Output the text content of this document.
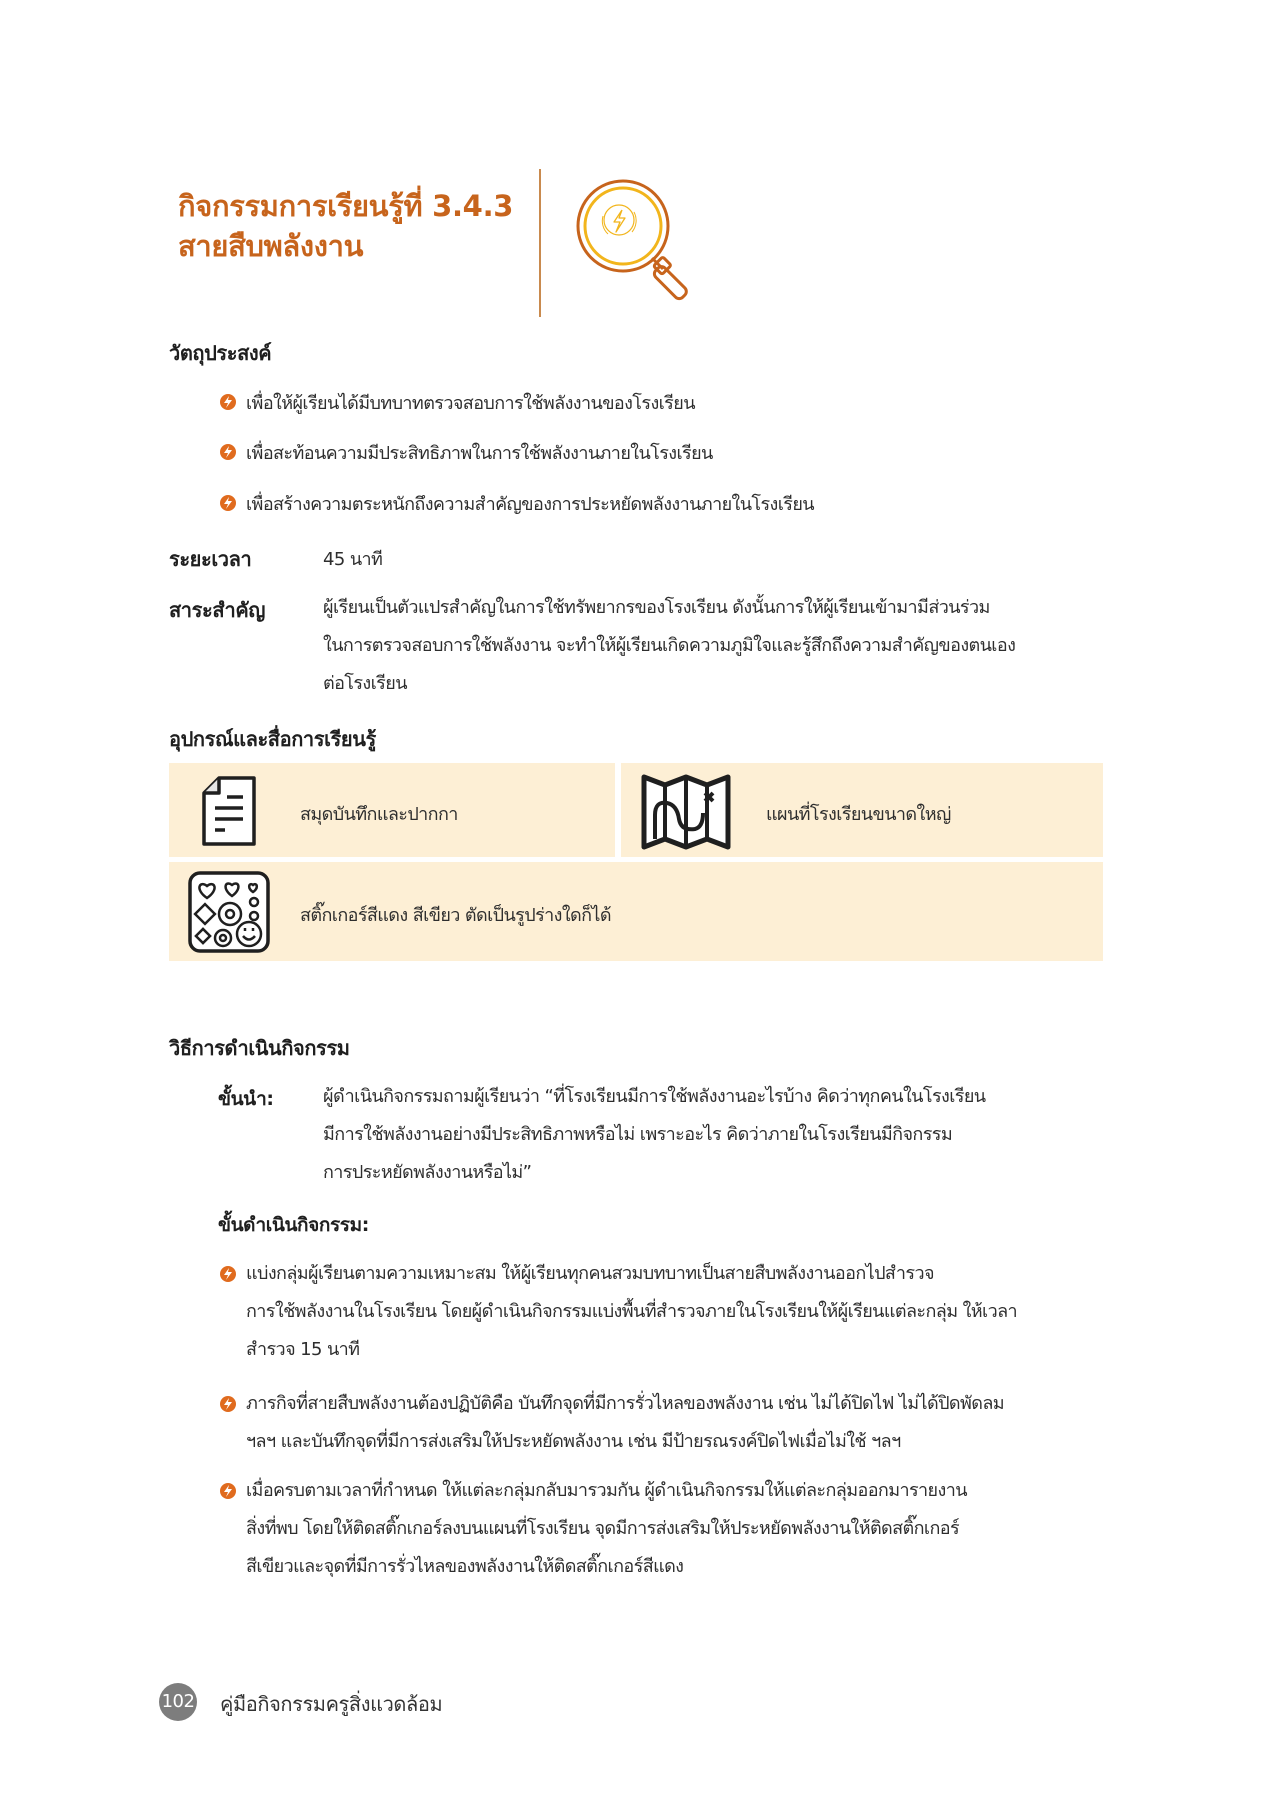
กิจกรรมการเรียนรู้ที่ 3.4.3
สายสืบพลังงาน
วัตถุประสงค์
เพื่อให้ผู้เรียนได้มีบทบาทตรวจสอบการใช้พลังงานของโรงเรียน
เพื่อสะท้อนความมีประสิทธิภาพในการใช้พลังงานภายในโรงเรียน
เพื่อสร้างความตระหนักถึงความสำคัญของการประหยัดพลังงานภายในโรงเรียน
ระยะเวลา	45 นาที
สาระสำคัญ	ผู้เรียนเป็นตัวแปรสำคัญในการใช้ทรัพยากรของโรงเรียน ดังนั้นการให้ผู้เรียนเข้ามามีส่วนร่วม
ในการตรวจสอบการใช้พลังงาน จะทำให้ผู้เรียนเกิดความภูมิใจและรู้สึกถึงความสำคัญของตนเอง
ต่อโรงเรียน
อุปกรณ์และสื่อการเรียนรู้
สมุดบันทึกและปากกา	แผนที่โรงเรียนขนาดใหญ่
สติ๊กเกอร์สีแดง สีเขียว ตัดเป็นรูปร่างใดก็ได้
วิธีการดำเนินกิจกรรม
ขั้นนำ:	ผู้ดำเนินกิจกรรมถามผู้เรียนว่า “ที่โรงเรียนมีการใช้พลังงานอะไรบ้าง คิดว่าทุกคนในโรงเรียน
มีการใช้พลังงานอย่างมีประสิทธิภาพหรือไม่ เพราะอะไร คิดว่าภายในโรงเรียนมีกิจกรรม
การประหยัดพลังงานหรือไม่”
ขั้นดำเนินกิจกรรม:
แบ่งกลุ่มผู้เรียนตามความเหมาะสม ให้ผู้เรียนทุกคนสวมบทบาทเป็นสายสืบพลังงานออกไปสำรวจ
การใช้พลังงานในโรงเรียน โดยผู้ดำเนินกิจกรรมแบ่งพื้นที่สำรวจภายในโรงเรียนให้ผู้เรียนแต่ละกลุ่ม ให้เวลา
สำรวจ 15 นาที
ภารกิจที่สายสืบพลังงานต้องปฏิบัติคือ บันทึกจุดที่มีการรั่วไหลของพลังงาน เช่น ไม่ได้ปิดไฟ ไม่ได้ปิดพัดลม
ฯลฯ และบันทึกจุดที่มีการส่งเสริมให้ประหยัดพลังงาน เช่น มีป้ายรณรงค์ปิดไฟเมื่อไม่ใช้ ฯลฯ
เมื่อครบตามเวลาที่กำหนด ให้แต่ละกลุ่มกลับมารวมกัน ผู้ดำเนินกิจกรรมให้แต่ละกลุ่มออกมารายงาน
สิ่งที่พบ โดยให้ติดสติ๊กเกอร์ลงบนแผนที่โรงเรียน จุดมีการส่งเสริมให้ประหยัดพลังงานให้ติดสติ๊กเกอร์
สีเขียวและจุดที่มีการรั่วไหลของพลังงานให้ติดสติ๊กเกอร์สีแดง
102 คู่มือกิจกรรมครูสิ่งแวดล้อม
